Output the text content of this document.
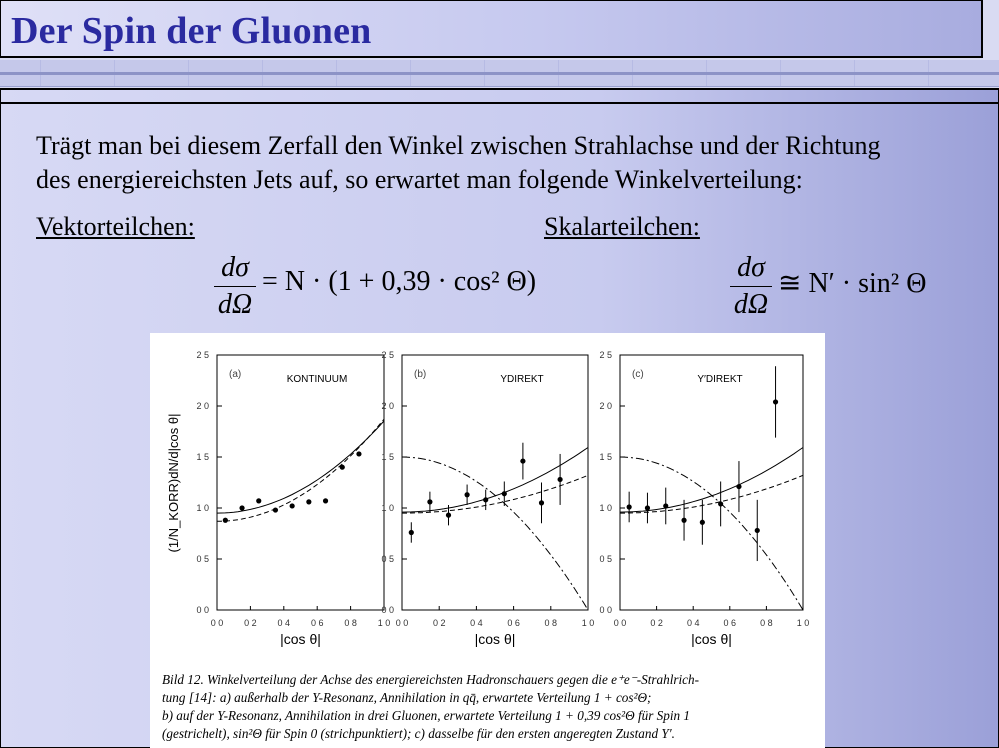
Der Spin der Gluonen
Trägt man bei diesem Zerfall den Winkel zwischen Strahlachse und der Richtung
des energiereichsten Jets auf, so erwartet man folgende Winkelverteilung:
Vektorteilchen:	Skalarteilchen:
dσ
dΩ
= N · (1 + 0,39 · cos² Θ)	dσ
dΩ
≅ N′ · sin² Θ
0 0
0 5
1 0
1 5
2 0
2 5
0 0 0 2 0 4 0 6 0 8 1 0
|cos θ|
(a)	KONTINUUM
0 0
0 5
1 0
1 5
2 0
2 5
0 0	0 2	0 4	0 6	0 8	1 0
|cos θ|
(b)	ΥDIREKT
0 0
0 5
1 0
1 5
2 0
2 5
0 0	0 2	0 4	0 6	0 8	1 0
|cos θ|
(c)	Υ′DIREKT
(1/N_KORR)dN/d|cos θ|
Bild 12. Winkelverteilung der Achse des energiereichsten Hadronschauers gegen die e⁺e⁻-Strahlrich-
tung [14]: a) außerhalb der Υ-Resonanz, Annihilation in qq̄, erwartete Verteilung 1 + cos²Θ;
b) auf der Υ-Resonanz, Annihilation in drei Gluonen, erwartete Verteilung 1 + 0,39 cos²Θ für Spin 1
(gestrichelt), sin²Θ für Spin 0 (strichpunktiert); c) dasselbe für den ersten angeregten Zustand Υ′.
